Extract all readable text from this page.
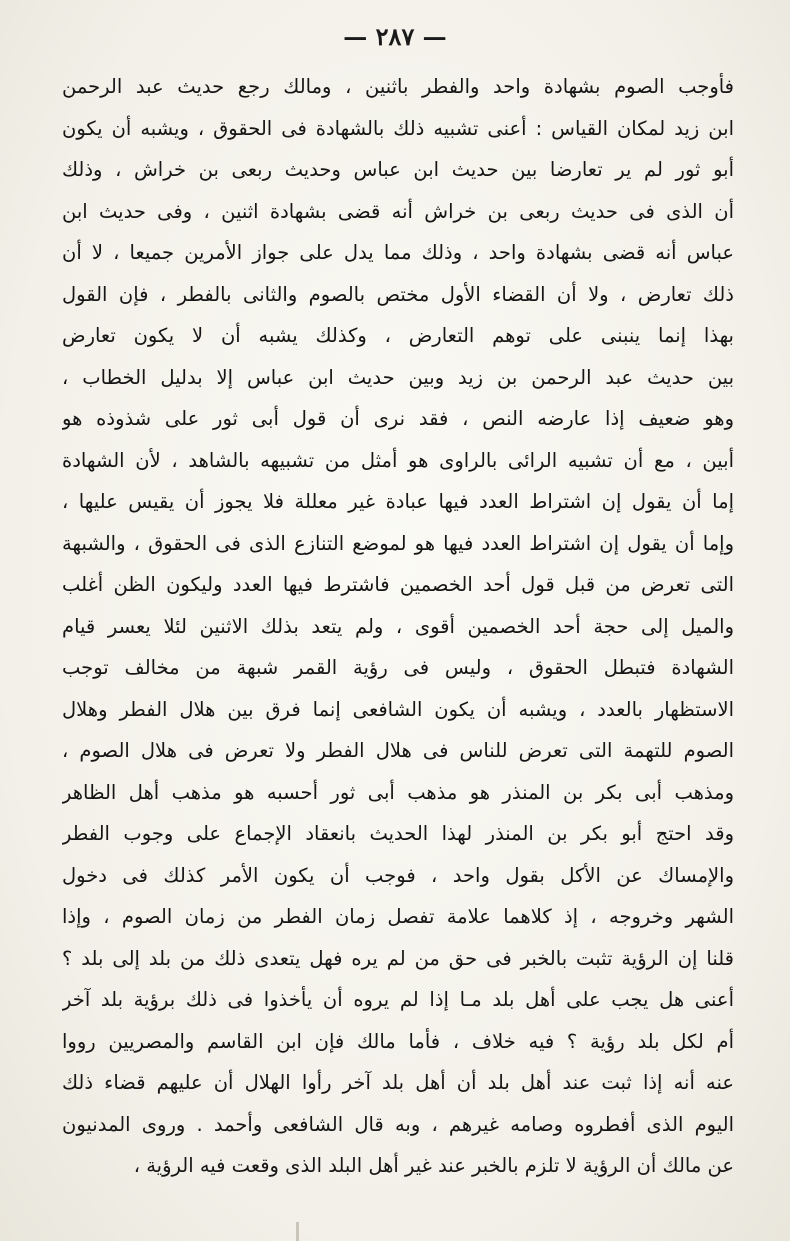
— ٢٨٧ —
فأوجب الصوم بشهادة واحد والفطر باثنين ، ومالك رجع حديث عبد الرحمن
ابن زيد لمكان القياس : أعنى تشبيه ذلك بالشهادة فى الحقوق ، ويشبه أن يكون
أبو ثور لم ير تعارضا بين حديث ابن عباس وحديث ربعى بن خراش ، وذلك
أن الذى فى حديث ربعى بن خراش أنه قضى بشهادة اثنين ، وفى حديث ابن
عباس أنه قضى بشهادة واحد ، وذلك مما يدل على جواز الأمرين جميعا ، لا أن
ذلك تعارض ، ولا أن القضاء الأول مختص بالصوم والثانى بالفطر ، فإن القول
بهذا إنما ينبنى على توهم التعارض ، وكذلك يشبه أن لا يكون تعارض
بين حديث عبد الرحمن بن زيد وبين حديث ابن عباس إلا بدليل الخطاب ،
وهو ضعيف إذا عارضه النص ، فقد نرى أن قول أبى ثور على شذوذه هو
أبين ، مع أن تشبيه الرائى بالراوى هو أمثل من تشبيهه بالشاهد ، لأن الشهادة
إما أن يقول إن اشتراط العدد فيها عبادة غير معللة فلا يجوز أن يقيس عليها ،
وإما أن يقول إن اشتراط العدد فيها هو لموضع التنازع الذى فى الحقوق ، والشبهة
التى تعرض من قبل قول أحد الخصمين فاشترط فيها العدد وليكون الظن أغلب
والميل إلى حجة أحد الخصمين أقوى ، ولم يتعد بذلك الاثنين لئلا يعسر قيام
الشهادة فتبطل الحقوق ، وليس فى رؤية القمر شبهة من مخالف توجب
الاستظهار بالعدد ، ويشبه أن يكون الشافعى إنما فرق بين هلال الفطر وهلال
الصوم للتهمة التى تعرض للناس فى هلال الفطر ولا تعرض فى هلال الصوم ،
ومذهب أبى بكر بن المنذر هو مذهب أبى ثور أحسبه هو مذهب أهل الظاهر
وقد احتج أبو بكر بن المنذر لهذا الحديث بانعقاد الإجماع على وجوب الفطر
والإمساك عن الأكل بقول واحد ، فوجب أن يكون الأمر كذلك فى دخول
الشهر وخروجه ، إذ كلاهما علامة تفصل زمان الفطر من زمان الصوم ، وإذا
قلنا إن الرؤية تثبت بالخبر فى حق من لم يره فهل يتعدى ذلك من بلد إلى بلد ؟
أعنى هل يجب على أهل بلد مـا إذا لم يروه أن يأخذوا فى ذلك برؤية بلد آخر
أم لكل بلد رؤية ؟ فيه خلاف ، فأما مالك فإن ابن القاسم والمصريين رووا
عنه أنه إذا ثبت عند أهل بلد أن أهل بلد آخر رأوا الهلال أن عليهم قضاء ذلك
اليوم الذى أفطروه وصامه غيرهم ، وبه قال الشافعى وأحمد . وروى المدنيون
عن مالك أن الرؤية لا تلزم بالخبر عند غير أهل البلد الذى وقعت فيه الرؤية ،
